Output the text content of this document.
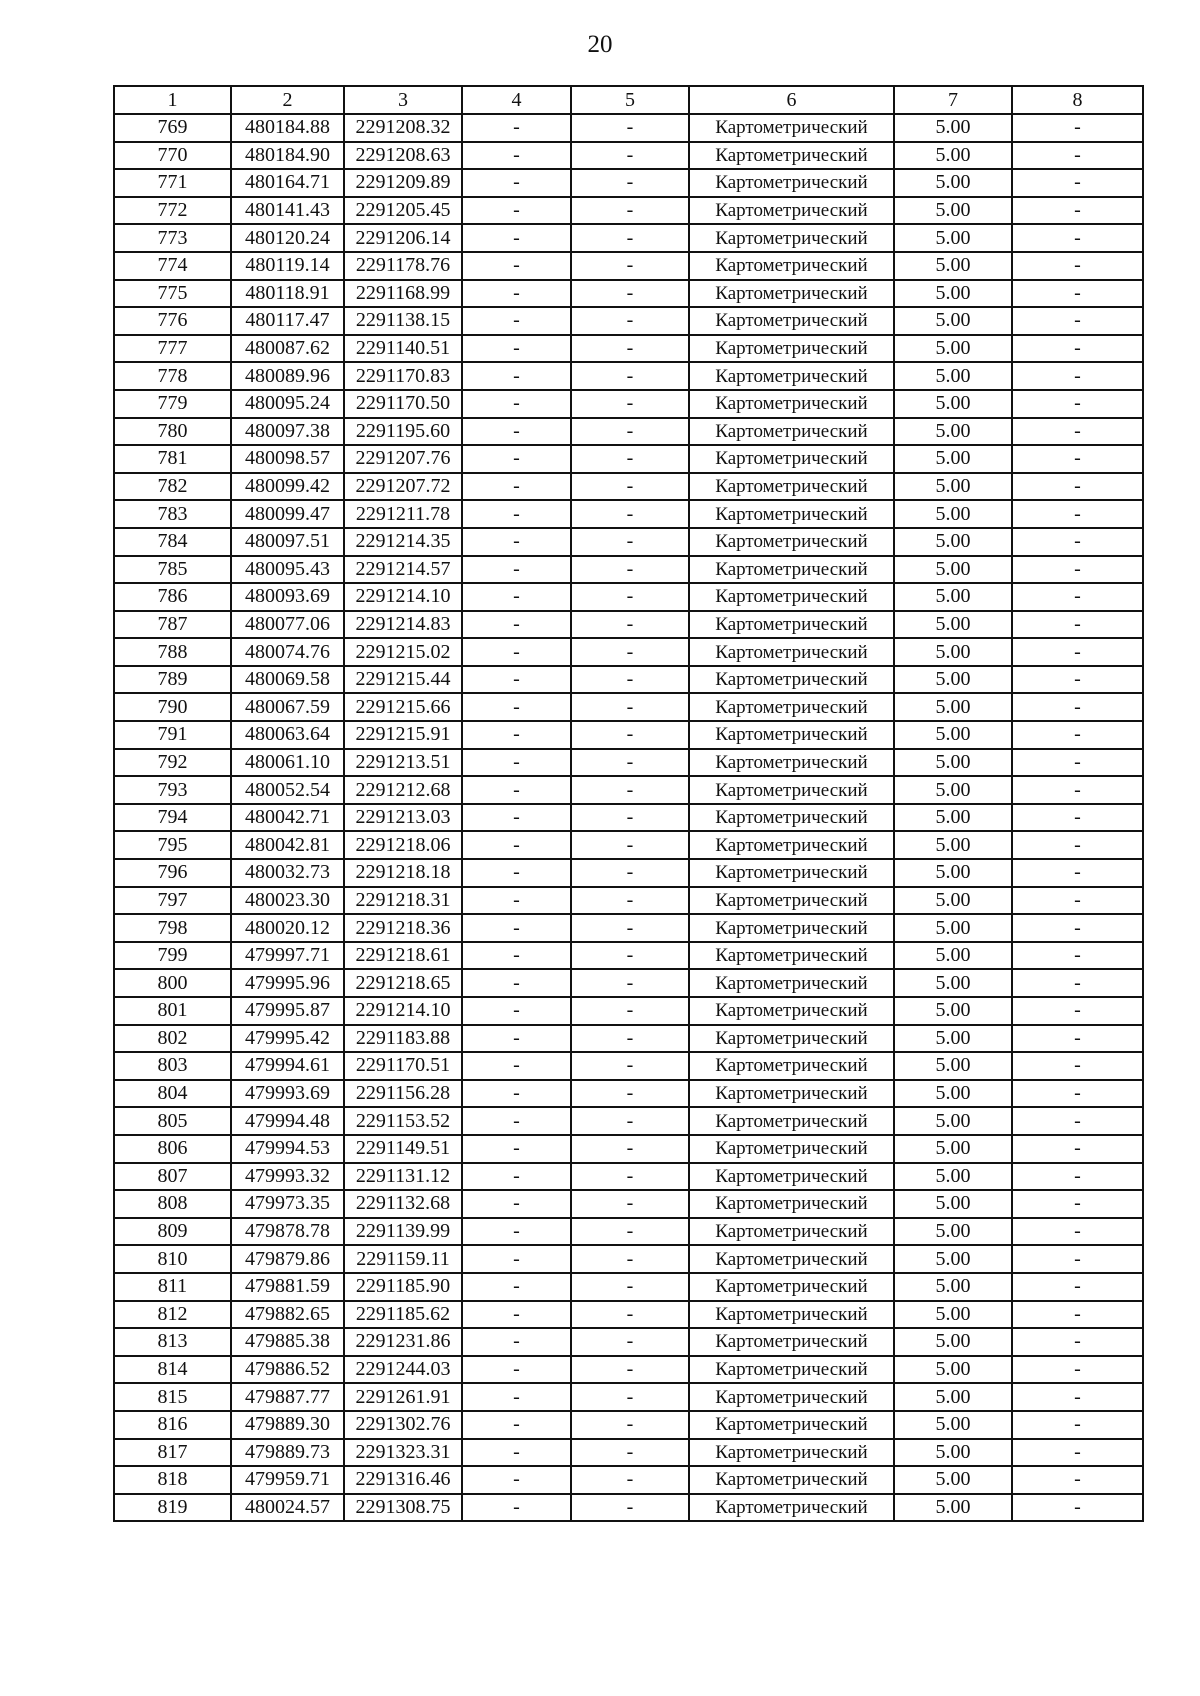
20
1	2	3	4	5	6	7	8
769	480184.88	2291208.32	-	-	Картометрический	5.00	-
770	480184.90	2291208.63	-	-	Картометрический	5.00	-
771	480164.71	2291209.89	-	-	Картометрический	5.00	-
772	480141.43	2291205.45	-	-	Картометрический	5.00	-
773	480120.24	2291206.14	-	-	Картометрический	5.00	-
774	480119.14	2291178.76	-	-	Картометрический	5.00	-
775	480118.91	2291168.99	-	-	Картометрический	5.00	-
776	480117.47	2291138.15	-	-	Картометрический	5.00	-
777	480087.62	2291140.51	-	-	Картометрический	5.00	-
778	480089.96	2291170.83	-	-	Картометрический	5.00	-
779	480095.24	2291170.50	-	-	Картометрический	5.00	-
780	480097.38	2291195.60	-	-	Картометрический	5.00	-
781	480098.57	2291207.76	-	-	Картометрический	5.00	-
782	480099.42	2291207.72	-	-	Картометрический	5.00	-
783	480099.47	2291211.78	-	-	Картометрический	5.00	-
784	480097.51	2291214.35	-	-	Картометрический	5.00	-
785	480095.43	2291214.57	-	-	Картометрический	5.00	-
786	480093.69	2291214.10	-	-	Картометрический	5.00	-
787	480077.06	2291214.83	-	-	Картометрический	5.00	-
788	480074.76	2291215.02	-	-	Картометрический	5.00	-
789	480069.58	2291215.44	-	-	Картометрический	5.00	-
790	480067.59	2291215.66	-	-	Картометрический	5.00	-
791	480063.64	2291215.91	-	-	Картометрический	5.00	-
792	480061.10	2291213.51	-	-	Картометрический	5.00	-
793	480052.54	2291212.68	-	-	Картометрический	5.00	-
794	480042.71	2291213.03	-	-	Картометрический	5.00	-
795	480042.81	2291218.06	-	-	Картометрический	5.00	-
796	480032.73	2291218.18	-	-	Картометрический	5.00	-
797	480023.30	2291218.31	-	-	Картометрический	5.00	-
798	480020.12	2291218.36	-	-	Картометрический	5.00	-
799	479997.71	2291218.61	-	-	Картометрический	5.00	-
800	479995.96	2291218.65	-	-	Картометрический	5.00	-
801	479995.87	2291214.10	-	-	Картометрический	5.00	-
802	479995.42	2291183.88	-	-	Картометрический	5.00	-
803	479994.61	2291170.51	-	-	Картометрический	5.00	-
804	479993.69	2291156.28	-	-	Картометрический	5.00	-
805	479994.48	2291153.52	-	-	Картометрический	5.00	-
806	479994.53	2291149.51	-	-	Картометрический	5.00	-
807	479993.32	2291131.12	-	-	Картометрический	5.00	-
808	479973.35	2291132.68	-	-	Картометрический	5.00	-
809	479878.78	2291139.99	-	-	Картометрический	5.00	-
810	479879.86	2291159.11	-	-	Картометрический	5.00	-
811	479881.59	2291185.90	-	-	Картометрический	5.00	-
812	479882.65	2291185.62	-	-	Картометрический	5.00	-
813	479885.38	2291231.86	-	-	Картометрический	5.00	-
814	479886.52	2291244.03	-	-	Картометрический	5.00	-
815	479887.77	2291261.91	-	-	Картометрический	5.00	-
816	479889.30	2291302.76	-	-	Картометрический	5.00	-
817	479889.73	2291323.31	-	-	Картометрический	5.00	-
818	479959.71	2291316.46	-	-	Картометрический	5.00	-
819	480024.57	2291308.75	-	-	Картометрический	5.00	-
